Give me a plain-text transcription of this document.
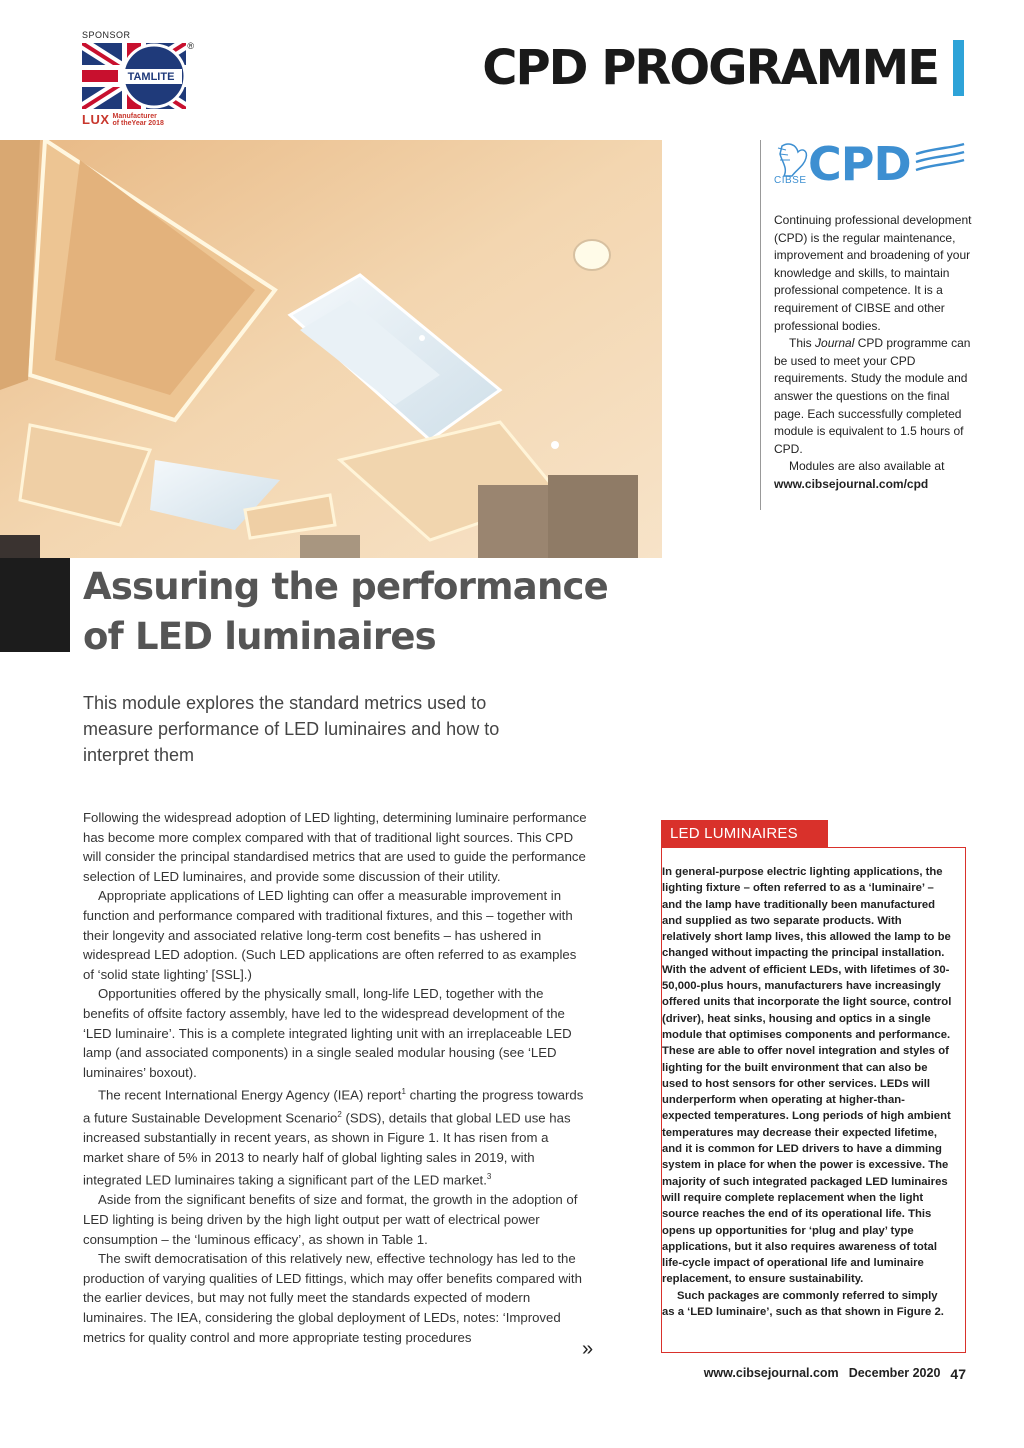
SPONSOR
TAMLITE
®
LUX Manufacturer
of theYear 2018
CPD PROGRAMME
CIBSE CPD

Continuing professional development (CPD) is the regular maintenance, improvement and broadening of your knowledge and skills, to maintain professional competence. It is a requirement of CIBSE and other professional bodies.

This Journal CPD programme can be used to meet your CPD requirements. Study the module and answer the questions on the final page. Each successfully completed module is equivalent to 1.5 hours of CPD.

Modules are also available at

www.cibsejournal.com/cpd

Assuring the performance
of LED luminaires

This module explores the standard metrics used to measure performance of LED luminaires and how to interpret them

Following the widespread adoption of LED lighting, determining luminaire performance has become more complex compared with that of traditional light sources. This CPD will consider the principal standardised metrics that are used to guide the performance selection of LED luminaires, and provide some discussion of their utility.

Appropriate applications of LED lighting can offer a measurable improvement in function and performance compared with traditional fixtures, and this – together with their longevity and associated relative long-term cost benefits – has ushered in widespread LED adoption. (Such LED applications are often referred to as examples of ‘solid state lighting’ [SSL].)

Opportunities offered by the physically small, long-life LED, together with the benefits of offsite factory assembly, have led to the widespread development of the ‘LED luminaire’. This is a complete integrated lighting unit with an irreplaceable LED lamp (and associated components) in a single sealed modular housing (see ‘LED luminaires’ boxout).

The recent International Energy Agency (IEA) report$^1$ charting the progress towards a future Sustainable Development Scenario$^2$ (SDS), details that global LED use has increased substantially in recent years, as shown in Figure 1. It has risen from a market share of 5% in 2013 to nearly half of global lighting sales in 2019, with integrated LED luminaires taking a significant part of the LED market.$^3$

Aside from the significant benefits of size and format, the growth in the adoption of LED lighting is being driven by the high light output per watt of electrical power consumption – the ‘luminous efficacy’, as shown in Table 1.

The swift democratisation of this relatively new, effective technology has led to the production of varying qualities of LED fittings, which may offer benefits compared with the earlier devices, but may not fully meet the standards expected of modern luminaires. The IEA, considering the global deployment of LEDs, notes: ‘Improved metrics for quality control and more appropriate testing procedures

»
LED LUMINAIRES

In general-purpose electric lighting applications, the lighting fixture – often referred to as a ‘luminaire’ – and the lamp have traditionally been manufactured and supplied as two separate products. With relatively short lamp lives, this allowed the lamp to be changed without impacting the principal installation. With the advent of efficient LEDs, with lifetimes of 30-50,000-plus hours, manufacturers have increasingly offered units that incorporate the light source, control (driver), heat sinks, housing and optics in a single module that optimises components and performance. These are able to offer novel integration and styles of lighting for the built environment that can also be used to host sensors for other services. LEDs will underperform when operating at higher-than-expected temperatures. Long periods of high ambient temperatures may decrease their expected lifetime, and it is common for LED drivers to have a dimming system in place for when the power is excessive. The majority of such integrated packaged LED luminaires will require complete replacement when the light source reaches the end of its operational life. This opens up opportunities for ‘plug and play’ type applications, but it also requires awareness of total life-cycle impact of operational life and luminaire replacement, to ensure sustainability.

Such packages are commonly referred to simply as a ‘LED luminaire’, such as that shown in Figure 2.

www.cibsejournal.com December 2020 47
